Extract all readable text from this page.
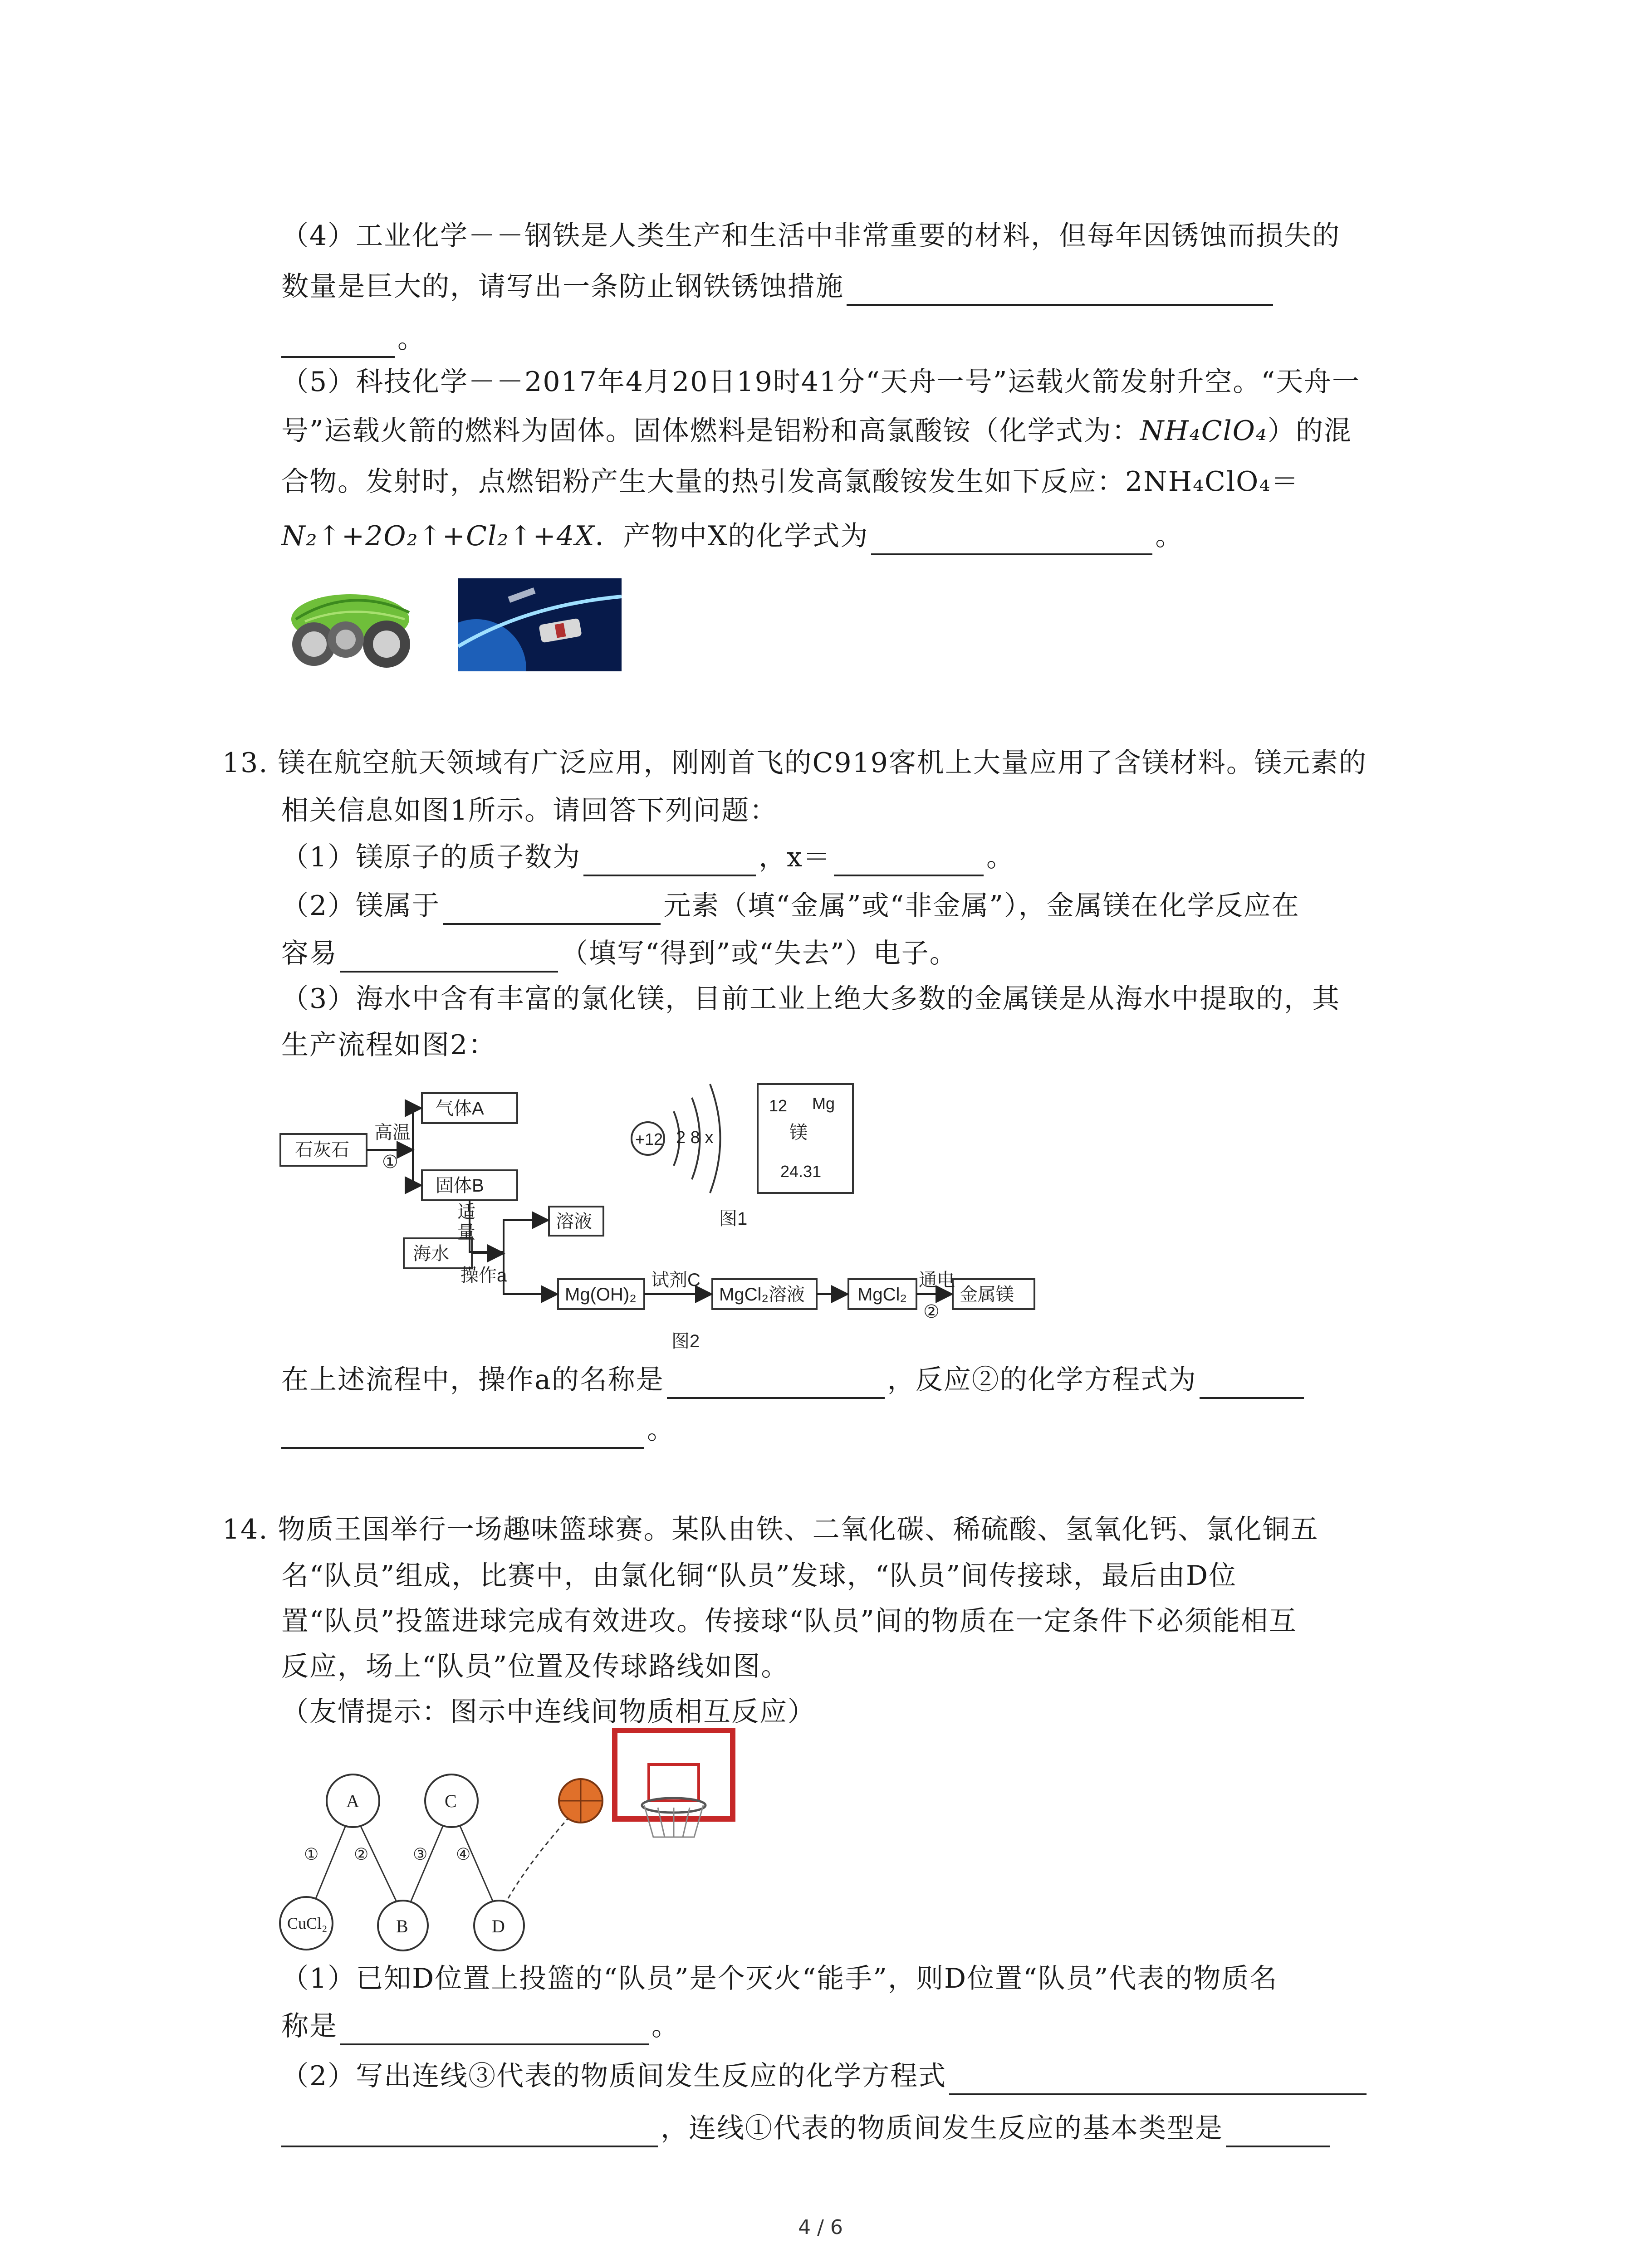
（4）工业化学－－钢铁是人类生产和生活中非常重要的材料，但每年因锈蚀而损失的
数量是巨大的，请写出一条防止钢铁锈蚀措施
。
（5）科技化学－－2017年4月20日19时41分“天舟一号”运载火箭发射升空。“天舟一
号”运载火箭的燃料为固体。固体燃料是铝粉和高氯酸铵（化学式为：NH₄ClO₄）的混
合物。发射时，点燃铝粉产生大量的热引发高氯酸铵发生如下反应：2NH₄ClO₄＝
N₂↑+2O₂↑+Cl₂↑+4X．产物中X的化学式为	。
13. 镁在航空航天领域有广泛应用，刚刚首飞的C919客机上大量应用了含镁材料。镁元素的
相关信息如图1所示。请回答下列问题：
（1）镁原子的质子数为	，x＝	。
（2）镁属于	元素（填“金属”或“非金属”），金属镁在化学反应在
容易	（填写“得到”或“失去”）电子。
（3）海水中含有丰富的氯化镁，目前工业上绝大多数的金属镁是从海水中提取的，其
生产流程如图2：
石灰石
高温
①
气体A
固体B
适
量
海水
操作a
溶液
Mg(OH)₂
试剂C
MgCl₂溶液	MgCl₂
通电
②
金属镁
图2
+12 2 8 x
图1
12 Mg
镁
24.31
在上述流程中，操作a的名称是	，反应②的化学方程式为
。
14. 物质王国举行一场趣味篮球赛。某队由铁、二氧化碳、稀硫酸、氢氧化钙、氯化铜五
名“队员”组成，比赛中，由氯化铜“队员”发球，“队员”间传接球，最后由D位
置“队员”投篮进球完成有效进攻。传接球“队员”间的物质在一定条件下必须能相互
反应，场上“队员”位置及传球路线如图。
（友情提示：图示中连线间物质相互反应）
A	C
CuCl₂	B	D
① ②	③ ④
（1）已知D位置上投篮的“队员”是个灭火“能手”，则D位置“队员”代表的物质名
称是	。
（2）写出连线③代表的物质间发生反应的化学方程式
，连线①代表的物质间发生反应的基本类型是
4 / 6
